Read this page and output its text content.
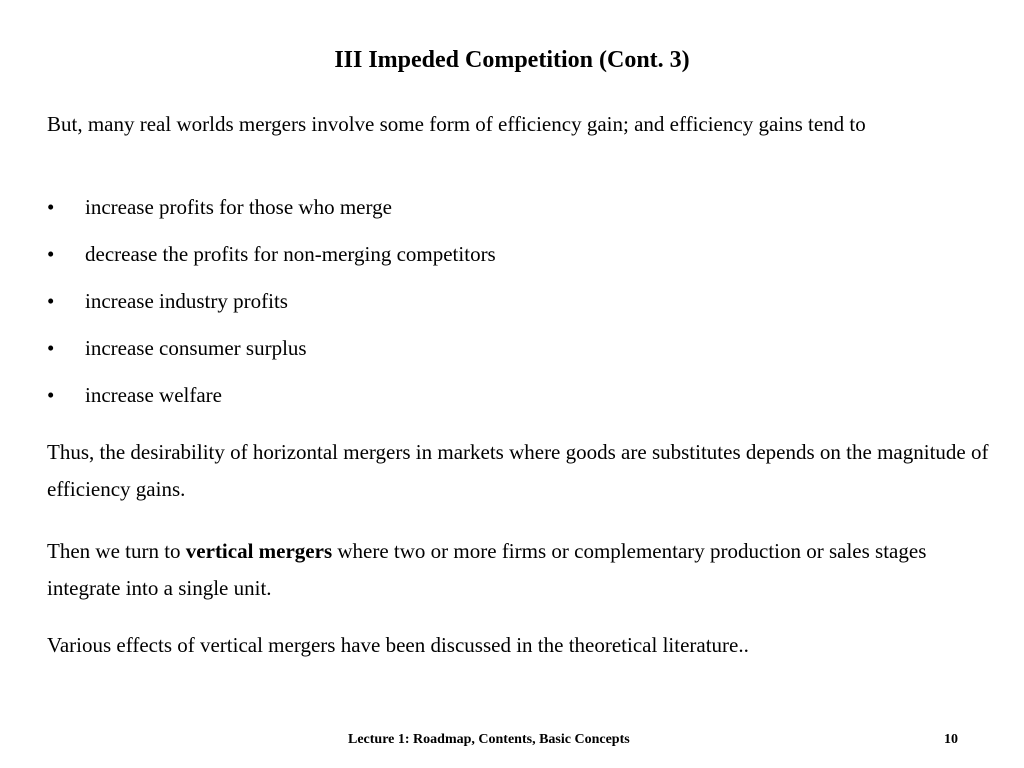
III Impeded Competition (Cont. 3)

But, many real worlds mergers involve some form of efficiency gain; and efficiency gains tend to

• increase profits for those who merge
• decrease the profits for non-merging competitors
• increase industry profits
• increase consumer surplus
• increase welfare

Thus, the desirability of horizontal mergers in markets where goods are substitutes depends on the magnitude of efficiency gains.

Then we turn to vertical mergers where two or more firms or complementary production or sales stages integrate into a single unit.

Various effects of vertical mergers have been discussed in the theoretical literature..

Lecture 1: Roadmap, Contents, Basic Concepts	10
